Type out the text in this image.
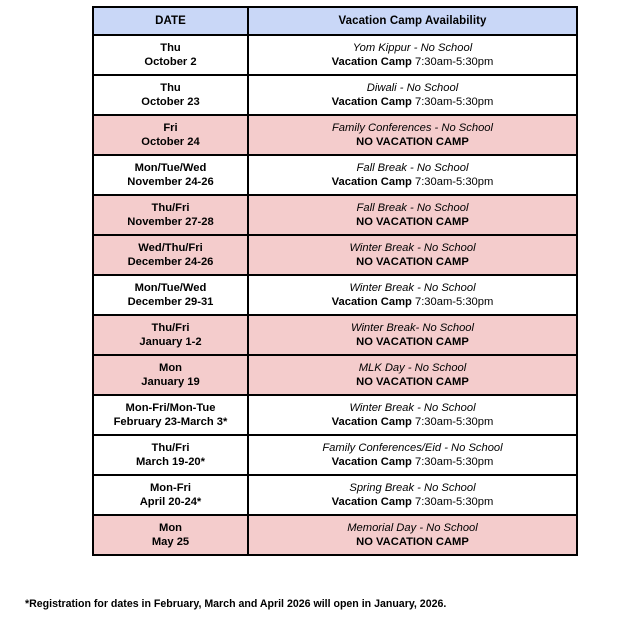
DATE	Vacation Camp Availability

Thu
October 2	Yom Kippur - No School
Vacation Camp 7:30am-5:30pm

Thu
October 23	Diwali - No School
Vacation Camp 7:30am-5:30pm

Fri
October 24	Family Conferences - No School
NO VACATION CAMP

Mon/Tue/Wed
November 24-26	Fall Break - No School
Vacation Camp 7:30am-5:30pm

Thu/Fri
November 27-28	Fall Break - No School
NO VACATION CAMP

Wed/Thu/Fri
December 24-26	Winter Break - No School
NO VACATION CAMP

Mon/Tue/Wed
December 29-31	Winter Break - No School
Vacation Camp 7:30am-5:30pm

Thu/Fri
January 1-2	Winter Break- No School
NO VACATION CAMP

Mon
January 19	MLK Day - No School
NO VACATION CAMP

Mon-Fri/Mon-Tue
February 23-March 3*	Winter Break - No School
Vacation Camp 7:30am-5:30pm

Thu/Fri
March 19-20*	Family Conferences/Eid - No School
Vacation Camp 7:30am-5:30pm

Mon-Fri
April 20-24*	Spring Break - No School
Vacation Camp 7:30am-5:30pm

Mon
May 25	Memorial Day - No School
NO VACATION CAMP
*Registration for dates in February, March and April 2026 will open in January, 2026.
